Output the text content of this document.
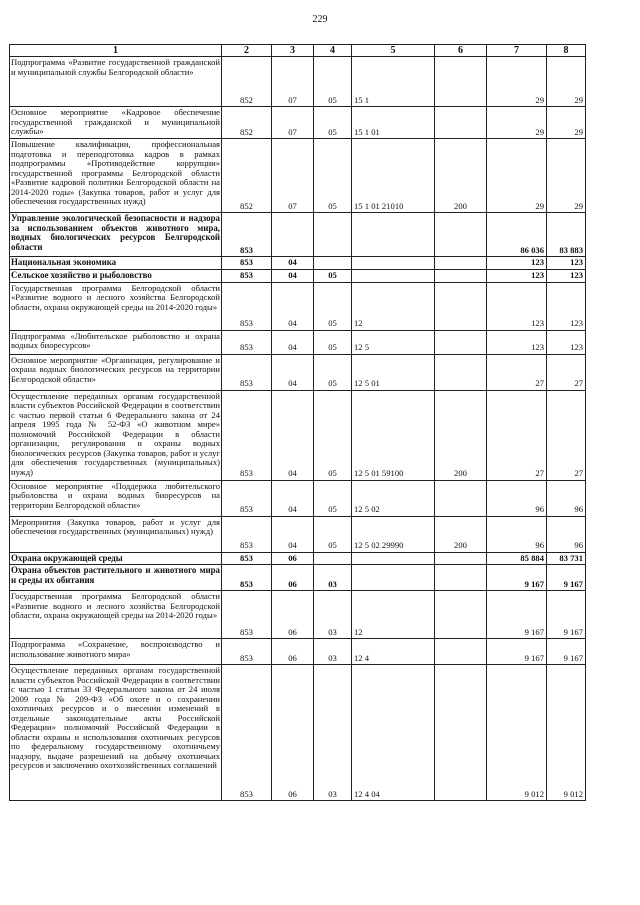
229
1	2	3	4	5	6	7	8
Подпрограмма «Развитие государственной гражданской и муниципальной службы Белгородской области»	852	07	05	15 1		29	29
Основное мероприятие «Кадровое обеспечение государственной гражданской и муниципальной службы»	852	07	05	15 1 01		29	29
Повышение квалификации, профессиональная подготовка и переподготовка кадров в рамках подпрограммы «Противодействие коррупции» государственной программы Белгородской области «Развитие кадровой политики Белгородской области на 2014-2020 годы» (Закупка товаров, работ и услуг для обеспечения государственных нужд)	852	07	05	15 1 01 21010	200	29	29
Управление экологической безопасности и надзора за использованием объектов животного мира, водных биологических ресурсов Белгородской области	853					86 036	83 883
Национальная экономика	853	04				123	123
Сельское хозяйство и рыболовство	853	04	05			123	123
Государственная программа Белгородской области «Развитие водного и лесного хозяйства Белгородской области, охрана окружающей среды на 2014-2020 годы»	853	04	05	12		123	123
Подпрограмма «Любительское рыболовство и охрана водных биоресурсов»	853	04	05	12 5		123	123
Основное мероприятие «Организация, регулирование и охрана водных биологических ресурсов на территории Белгородской области»	853	04	05	12 5 01		27	27
Осуществление переданных органам государственной власти субъектов Российской Федерации в соответствии с частью первой статьи 6 Федерального закона от 24 апреля 1995 года № 52-ФЗ «О животном мире» полномочий Российской Федерации в области организации, регулирования и охраны водных биологических ресурсов (Закупка товаров, работ и услуг для обеспечения государственных (муниципальных) нужд)	853	04	05	12 5 01 59100	200	27	27
Основное мероприятие «Поддержка любительского рыболовства и охрана водных биоресурсов на территории Белгородской области»	853	04	05	12 5 02		96	96
Мероприятия (Закупка товаров, работ и услуг для обеспечения государственных (муниципальных) нужд)	853	04	05	12 5 02 29990	200	96	96
Охрана окружающей среды	853	06				85 884	83 731
Охрана объектов растительного и животного мира и среды их обитания	853	06	03			9 167	9 167
Государственная программа Белгородской области «Развитие водного и лесного хозяйства Белгородской области, охрана окружающей среды на 2014-2020 годы»	853	06	03	12		9 167	9 167
Подпрограмма «Сохранение, воспроизводство и использование животного мира»	853	06	03	12 4		9 167	9 167
Осуществление переданных органам государственной власти субъектов Российской Федерации в соответствии с частью 1 статьи 33 Федерального закона от 24 июля 2009 года № 209-ФЗ «Об охоте и о сохранении охотничьих ресурсов и о внесении изменений в отдельные законодательные акты Российской Федерации» полномочий Российской Федерации в области охраны и использования охотничьих ресурсов по федеральному государственному охотничьему надзору, выдаче разрешений на добычу охотничьих ресурсов и заключению охотхозяйственных соглашений	853	06	03	12 4 04		9 012	9 012
